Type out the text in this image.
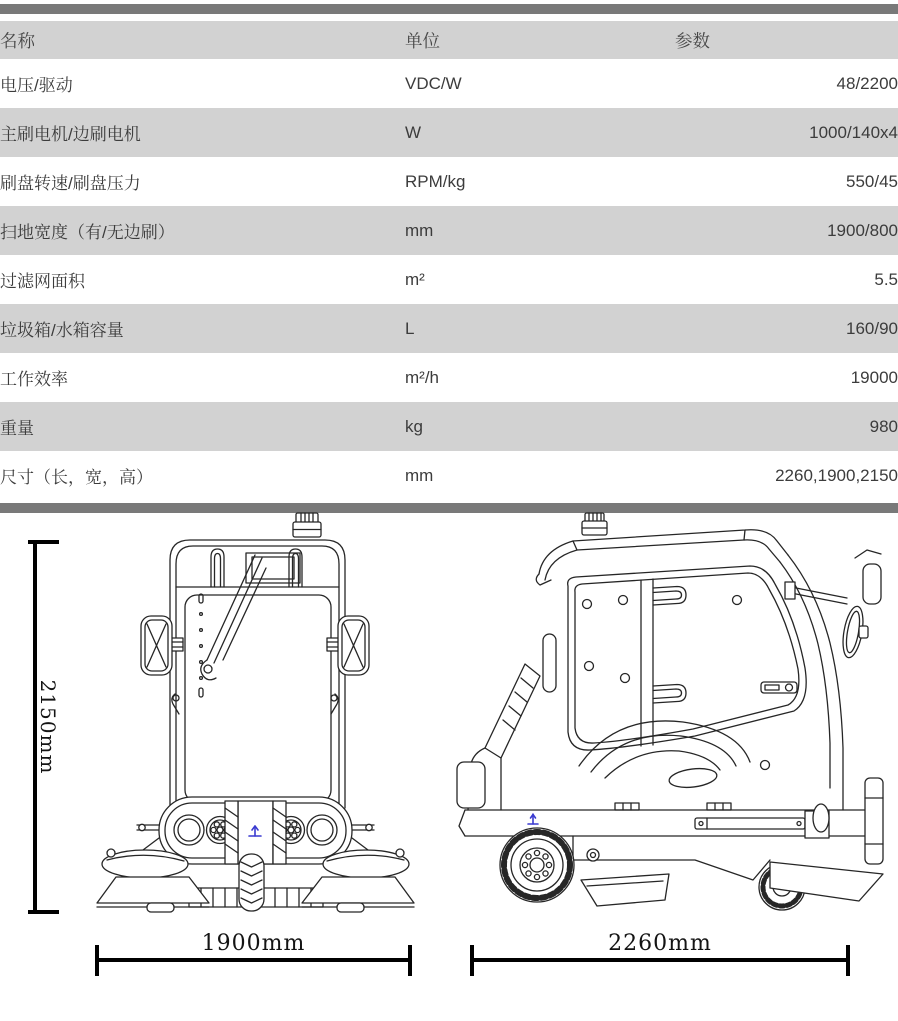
名称	单位	参数
电压/驱动	VDC/W	48/2200
主刷电机/边刷电机	W	1000/140x4
刷盘转速/刷盘压力	RPM/kg	550/45
扫地宽度（有/无边刷）	mm	1900/800
过滤网面积	m²	5.5
垃圾箱/水箱容量	L	160/90
工作效率	m²/h	19000
重量	kg	980
尺寸（长，宽，高）	mm	2260,1900,2150
2150mm
1900mm	2260mm
